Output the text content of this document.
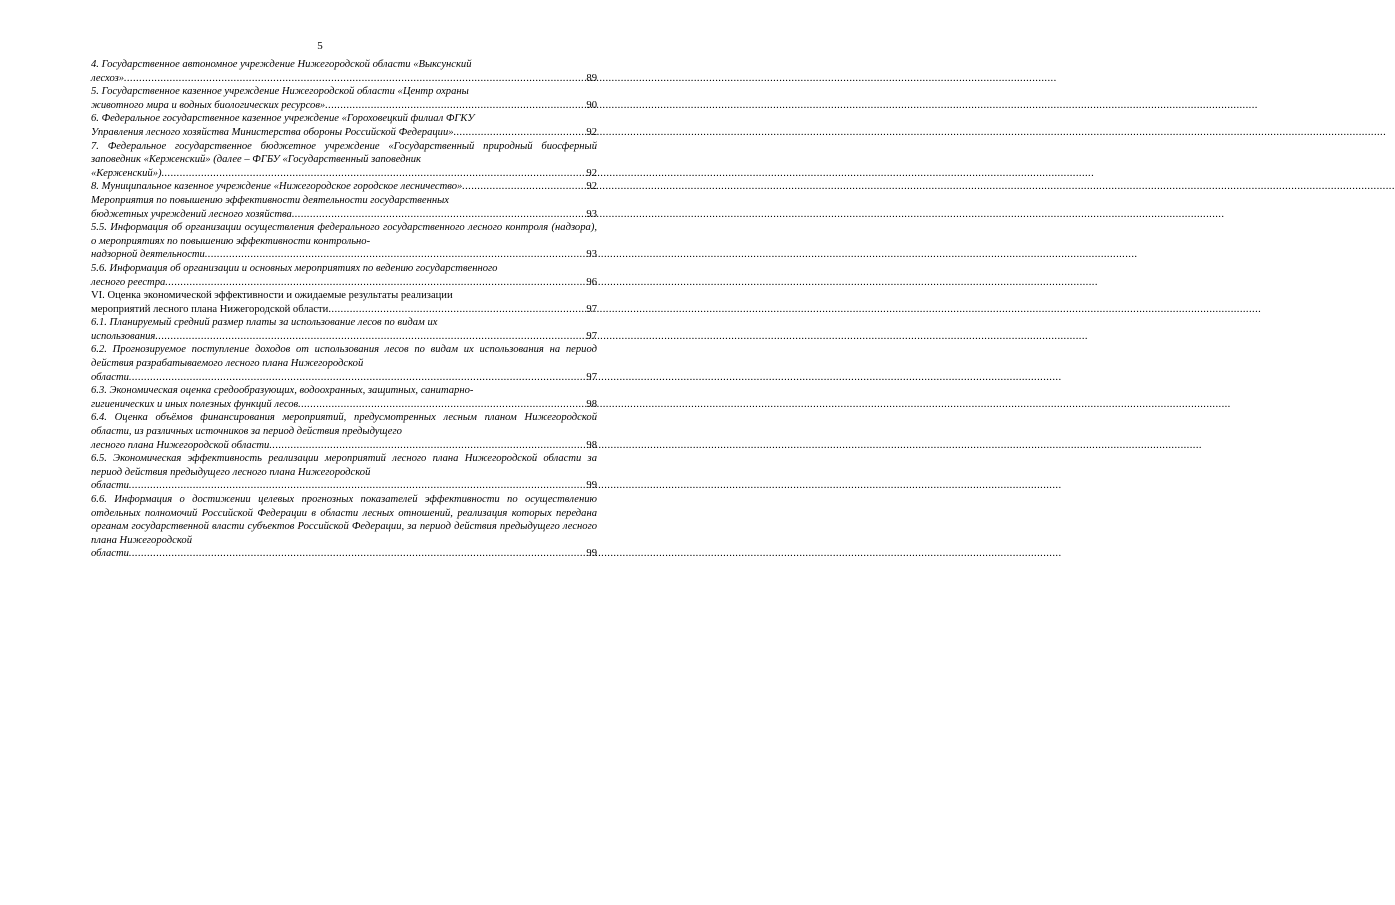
5
4. Государственное автономное учреждение Нижегородской области «Выксунский
лесхоз» .....	89
5. Государственное казенное учреждение Нижегородской области «Центр охраны
животного мира и водных биологических ресурсов» .....	90
6. Федеральное государственное казенное учреждение «Гороховецкий филиал ФГКУ
Управления лесного хозяйства Министерства обороны Российской Федерации» .....	92
7. Федеральное государственное бюджетное учреждение «Государственный природный биосферный заповедник «Керженский» (далее – ФГБУ «Государственный заповедник
«Керженский») .....	92
8. Муниципальное казенное учреждение «Нижегородское городское лесничество» .....	92
Мероприятия по повышению эффективности деятельности государственных
бюджетных учреждений лесного хозяйства .....	93
5.5. Информация об организации осуществления федерального государственного лесного контроля (надзора), о мероприятиях по повышению эффективности контрольно-
надзорной деятельности .....	93
5.6. Информация об организации и основных мероприятиях по ведению государственного
лесного реестра .....	96
VI. Оценка экономической эффективности и ожидаемые результаты реализации
мероприятий лесного плана Нижегородской области .....	97
6.1. Планируемый средний размер платы за использование лесов по видам их
использования .....	97
6.2. Прогнозируемое поступление доходов от использования лесов по видам их использования на период действия разрабатываемого лесного плана Нижегородской
области .....	97
6.3. Экономическая оценка средообразующих, водоохранных, защитных, санитарно-
гигиенических и иных полезных функций лесов .....	98
6.4. Оценка объёмов финансирования мероприятий, предусмотренных лесным планом Нижегородской области, из различных источников за период действия предыдущего
лесного плана Нижегородской области .....	98
6.5. Экономическая эффективность реализации мероприятий лесного плана Нижегородской области за период действия предыдущего лесного плана Нижегородской
области .....	99
6.6. Информация о достижении целевых прогнозных показателей эффективности по осуществлению отдельных полномочий Российской Федерации в области лесных отношений, реализация которых передана органам государственной власти субъектов Российской Федерации, за период действия предыдущего лесного плана Нижегородской
области .....	99
